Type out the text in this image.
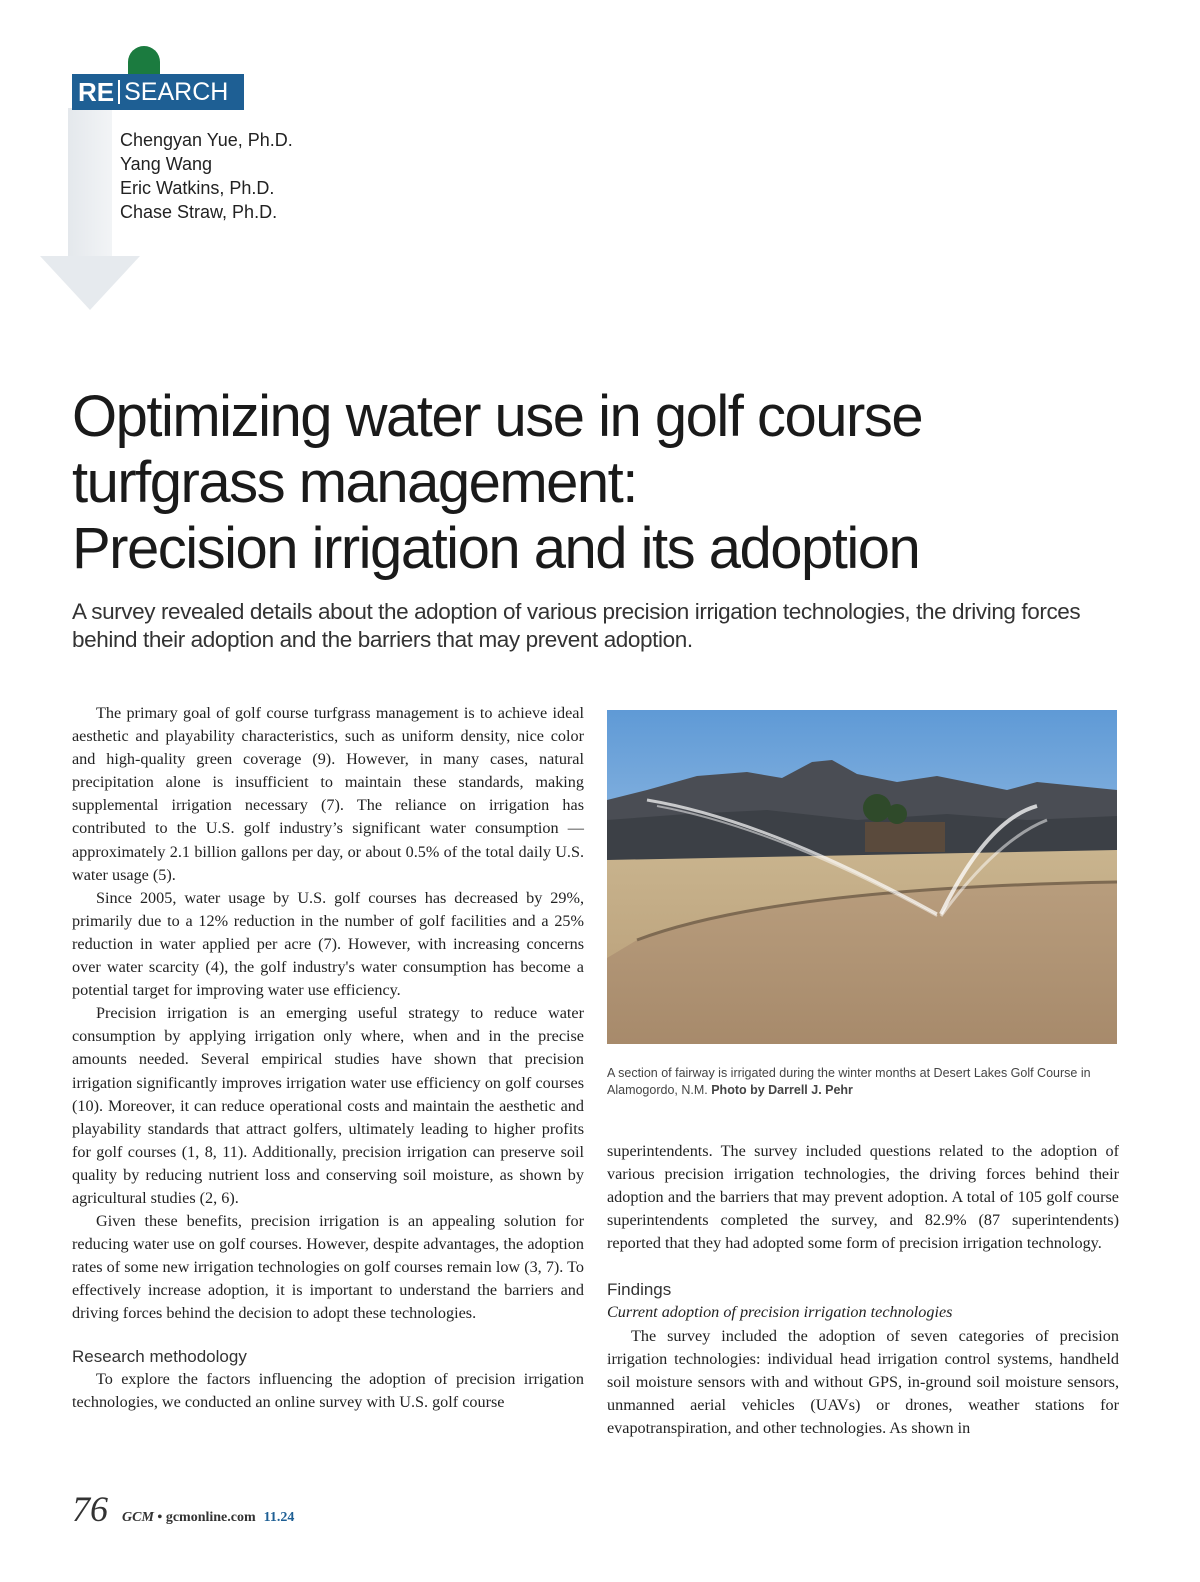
RE SEARCH
Chengyan Yue, Ph.D.
Yang Wang
Eric Watkins, Ph.D.
Chase Straw, Ph.D.
Optimizing water use in golf course
turfgrass management:
Precision irrigation and its adoption

A survey revealed details about the adoption of various precision irrigation technologies, the driving forces behind their adoption and the barriers that may prevent adoption.

The primary goal of golf course turfgrass management is to achieve ideal aesthetic and playability characteristics, such as uniform density, nice color and high-quality green coverage (9). However, in many cases, natural precipitation alone is insufficient to maintain these standards, making supplemental irrigation necessary (7). The reliance on irrigation has contributed to the U.S. golf industry’s significant water consumption — approximately 2.1 billion gallons per day, or about 0.5% of the total daily U.S. water usage (5).

Since 2005, water usage by U.S. golf courses has decreased by 29%, primarily due to a 12% reduction in the number of golf facilities and a 25% reduction in water applied per acre (7). However, with increasing concerns over water scarcity (4), the golf industry's water consumption has become a potential target for improving water use efficiency.

Precision irrigation is an emerging useful strategy to reduce water consumption by applying irrigation only where, when and in the precise amounts needed. Several empirical studies have shown that precision irrigation significantly improves irrigation water use efficiency on golf courses (10). Moreover, it can reduce operational costs and maintain the aesthetic and playability standards that attract golfers, ultimately leading to higher profits for golf courses (1, 8, 11). Additionally, precision irrigation can preserve soil quality by reducing nutrient loss and conserving soil moisture, as shown by agricultural studies (2, 6).

Given these benefits, precision irrigation is an appealing solution for reducing water use on golf courses. However, despite advantages, the adoption rates of some new irrigation technologies on golf courses remain low (3, 7). To effectively increase adoption, it is important to understand the barriers and driving forces behind the decision to adopt these technologies.

Research methodology

To explore the factors influencing the adoption of precision irrigation technologies, we conducted an online survey with U.S. golf course

A section of fairway is irrigated during the winter months at Desert Lakes Golf Course in Alamogordo, N.M. Photo by Darrell J. Pehr

superintendents. The survey included questions related to the adoption of various precision irrigation technologies, the driving forces behind their adoption and the barriers that may prevent adoption. A total of 105 golf course superintendents completed the survey, and 82.9% (87 superintendents) reported that they had adopted some form of precision irrigation technology.

Findings

Current adoption of precision irrigation technologies

The survey included the adoption of seven categories of precision irrigation technologies: individual head irrigation control systems, handheld soil moisture sensors with and without GPS, in-ground soil moisture sensors, unmanned aerial vehicles (UAVs) or drones, weather stations for evapotranspiration, and other technologies. As shown in

76 GCM • gcmonline.com 11.24
